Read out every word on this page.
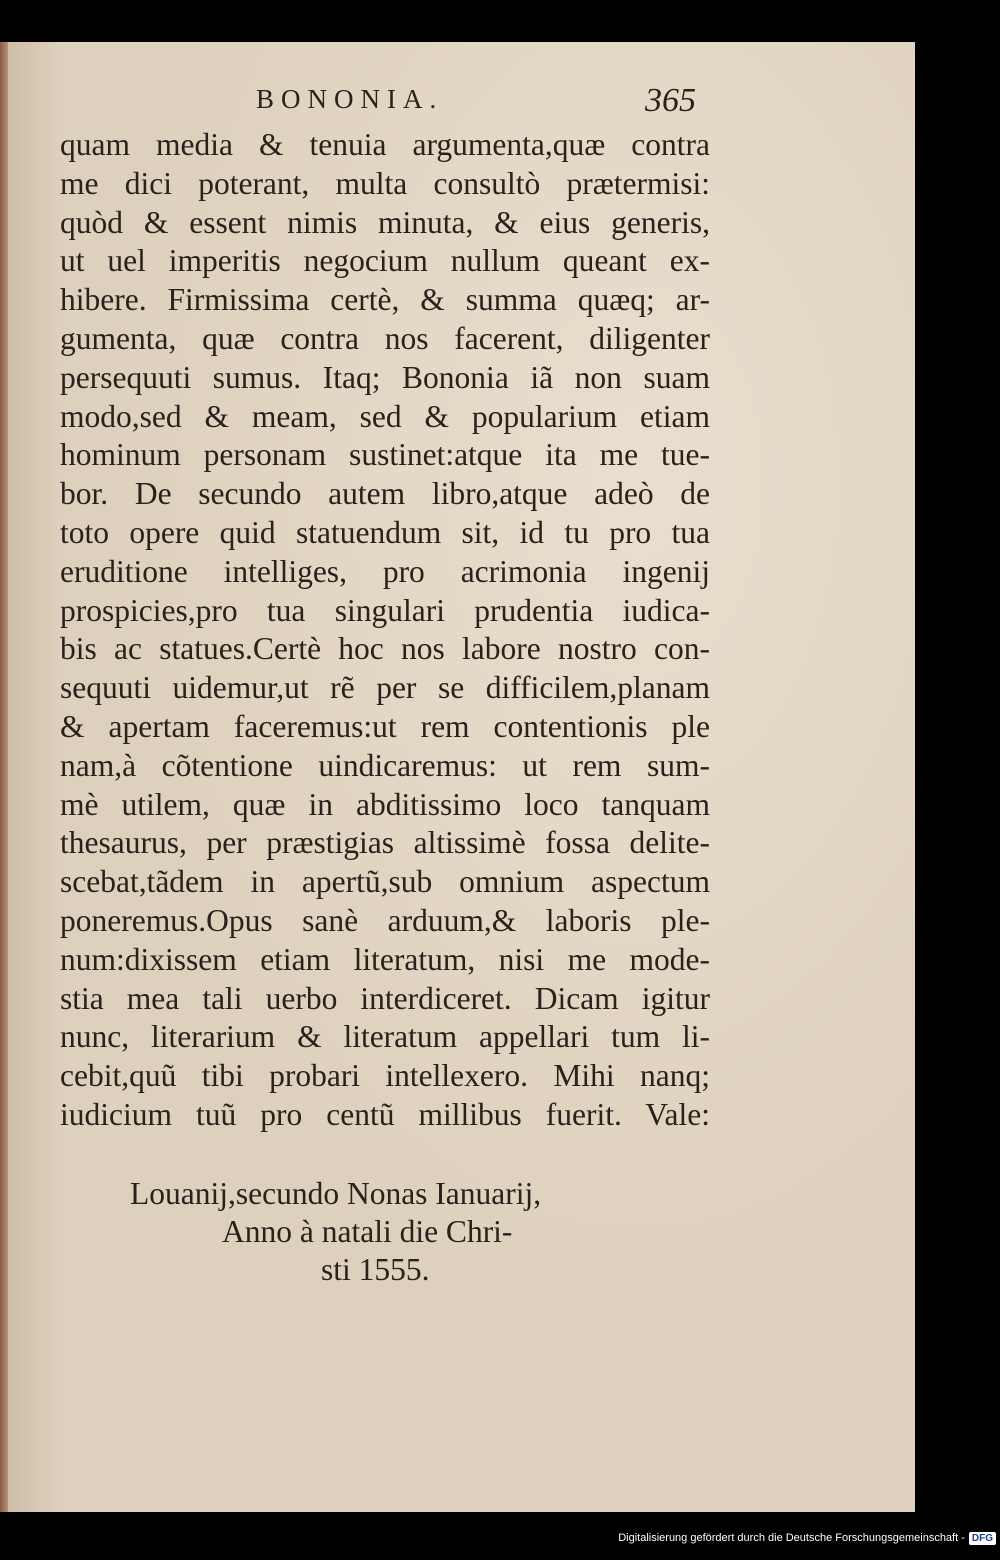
BONONIA.	365
quam media & tenuia argumenta,quæ contra
me dici poterant, multa consultò prætermisi:
quòd & essent nimis minuta, & eius generis,
ut uel imperitis negocium nullum queant ex-
hibere. Firmissima certè, & summa quæq; ar-
gumenta, quæ contra nos facerent, diligenter
persequuti sumus. Itaq; Bononia iã non suam
modo,sed & meam, sed & popularium etiam
hominum personam sustinet:atque ita me tue-
bor. De secundo autem libro,atque adeò de
toto opere quid statuendum sit, id tu pro tua
eruditione intelliges, pro acrimonia ingenij
prospicies,pro tua singulari prudentia iudica-
bis ac statues.Certè hoc nos labore nostro con-
sequuti uidemur,ut rẽ per se difficilem,planam
& apertam faceremus:ut rem contentionis ple
nam,à cõtentione uindicaremus: ut rem sum-
mè utilem, quæ in abditissimo loco tanquam
thesaurus, per præstigias altissimè fossa delite-
scebat,tãdem in apertũ,sub omnium aspectum
poneremus.Opus sanè arduum,& laboris ple-
num:dixissem etiam literatum, nisi me mode-
stia mea tali uerbo interdiceret. Dicam igitur
nunc, literarium & literatum appellari tum li-
cebit,quũ tibi probari intellexero. Mihi nanq;
iudicium tuũ pro centũ millibus fuerit. Vale:
Louanij,secundo Nonas Ianuarij,
Anno à natali die Chri-
sti 1555.
Digitalisierung gefördert durch die Deutsche Forschungsgemeinschaft - DFG
